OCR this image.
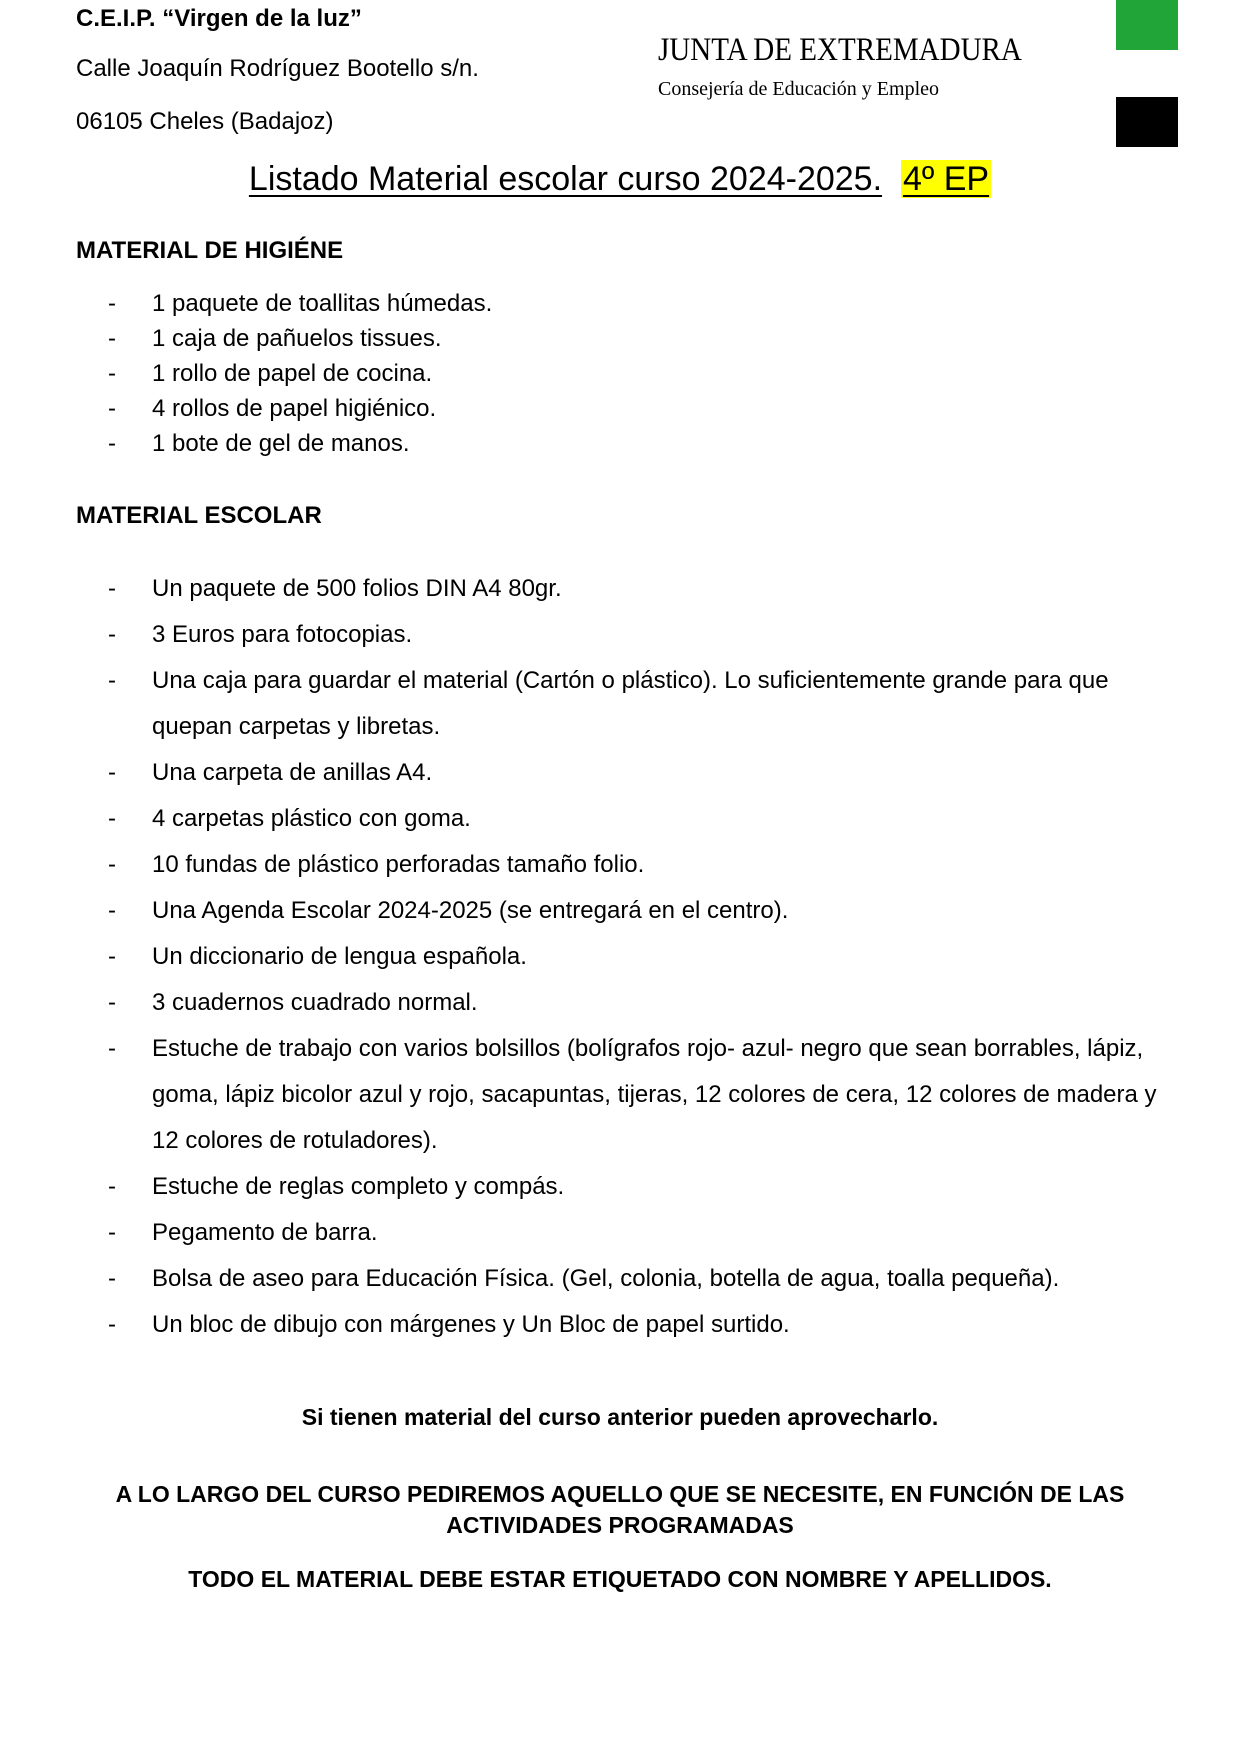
C.E.I.P. “Virgen de la luz”
Calle Joaquín Rodríguez Bootello s/n.
06105 Cheles (Badajoz)
JUNTA DE EXTREMADURA
Consejería de Educación y Empleo
Listado Material escolar curso 2024-2025. 4º EP
MATERIAL DE HIGIÉNE
- 1 paquete de toallitas húmedas.
- 1 caja de pañuelos tissues.
- 1 rollo de papel de cocina.
- 4 rollos de papel higiénico.
- 1 bote de gel de manos.
MATERIAL ESCOLAR
- Un paquete de 500 folios DIN A4 80gr.
- 3 Euros para fotocopias.
- Una caja para guardar el material (Cartón o plástico). Lo suficientemente grande para que quepan carpetas y libretas.
- Una carpeta de anillas A4.
- 4 carpetas plástico con goma.
- 10 fundas de plástico perforadas tamaño folio.
- Una Agenda Escolar 2024-2025 (se entregará en el centro).
- Un diccionario de lengua española.
- 3 cuadernos cuadrado normal.
- Estuche de trabajo con varios bolsillos (bolígrafos rojo- azul- negro que sean borrables, lápiz, goma, lápiz bicolor azul y rojo, sacapuntas, tijeras, 12 colores de cera, 12 colores de madera y 12 colores de rotuladores).
- Estuche de reglas completo y compás.
- Pegamento de barra.
- Bolsa de aseo para Educación Física. (Gel, colonia, botella de agua, toalla pequeña).
- Un bloc de dibujo con márgenes y Un Bloc de papel surtido.
Si tienen material del curso anterior pueden aprovecharlo.
A LO LARGO DEL CURSO PEDIREMOS AQUELLO QUE SE NECESITE, EN FUNCIÓN DE LAS ACTIVIDADES PROGRAMADAS
TODO EL MATERIAL DEBE ESTAR ETIQUETADO CON NOMBRE Y APELLIDOS.
